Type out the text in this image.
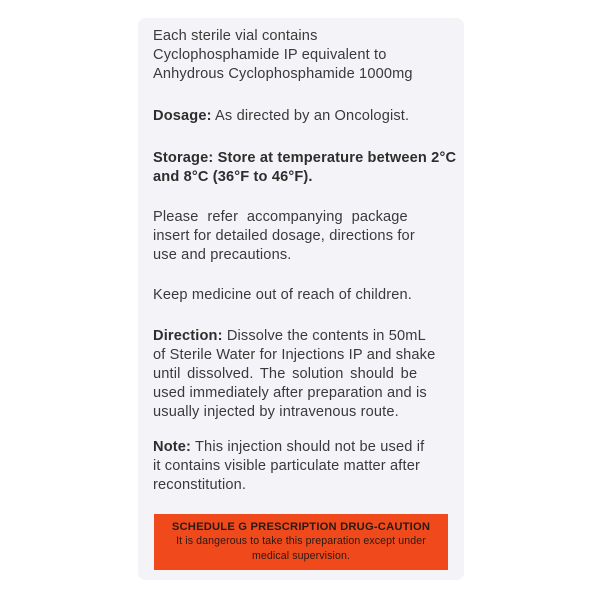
Each sterile vial contains
Cyclophosphamide IP equivalent to
Anhydrous Cyclophosphamide 1000mg

Dosage: As directed by an Oncologist.

Storage: Store at temperature between 2°C
and 8°C (36°F to 46°F).

Please refer accompanying package
insert for detailed dosage, directions for
use and precautions.

Keep medicine out of reach of children.

Direction: Dissolve the contents in 50mL
of Sterile Water for Injections IP and shake
until dissolved. The solution should be
used immediately after preparation and is
usually injected by intravenous route.

Note: This injection should not be used if
it contains visible particulate matter after
reconstitution.

SCHEDULE G PRESCRIPTION DRUG-CAUTION
It is dangerous to take this preparation except under
medical supervision.
